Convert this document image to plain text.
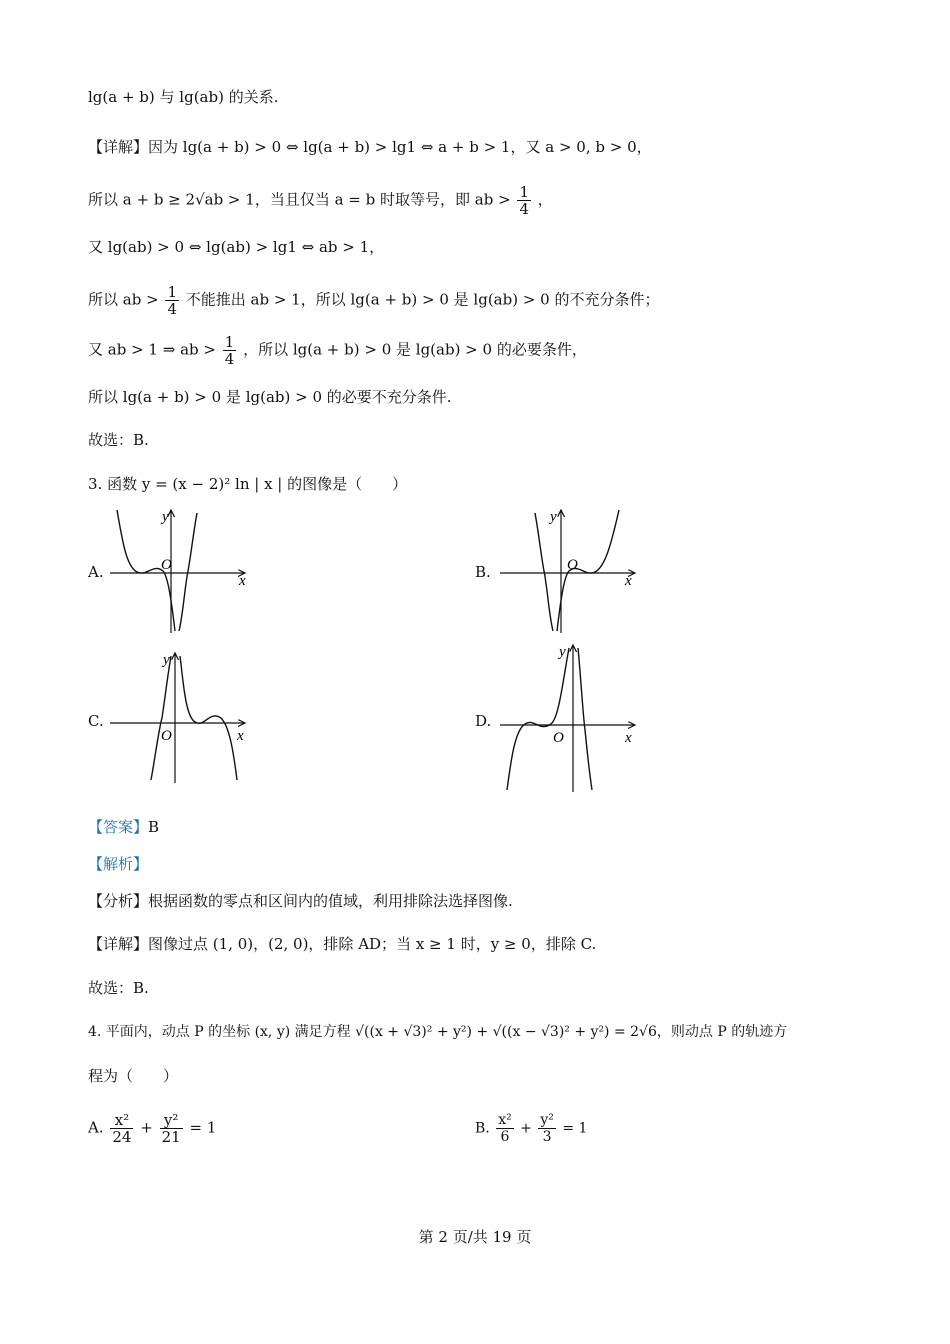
lg(a + b) 与 lg(ab) 的关系.
【详解】因为 lg(a + b) > 0 ⇔ lg(a + b) > lg1 ⇔ a + b > 1，又 a > 0, b > 0，
所以 a + b ≥ 2√ab > 1，当且仅当 a = b 时取等号，即 ab > $\frac{1}{4}$ ，
又 lg(ab) > 0 ⇔ lg(ab) > lg1 ⇔ ab > 1，
所以 ab > $\frac{1}{4}$ 不能推出 ab > 1，所以 lg(a + b) > 0 是 lg(ab) > 0 的不充分条件；
又 ab > 1 ⇒ ab > $\frac{1}{4}$ ，所以 lg(a + b) > 0 是 lg(ab) > 0 的必要条件，
所以 lg(a + b) > 0 是 lg(ab) > 0 的必要不充分条件.
故选：B.
3. 函数 y = (x − 2)² ln | x | 的图像是（　　）
A.	B.
C.	D.
O
x
y
O
x
y
O	x
y
O	x
y
【答案】B
【解析】
【分析】根据函数的零点和区间内的值域，利用排除法选择图像.
【详解】图像过点 (1, 0)，(2, 0)，排除 AD；当 x ≥ 1 时，y ≥ 0，排除 C.
故选：B.
4. 平面内，动点 P 的坐标 (x, y) 满足方程 √((x + √3)² + y²) + √((x − √3)² + y²) = 2√6，则动点 P 的轨迹方
程为（　　）
A. $\frac{\text{x²}}{24} + \frac{\text{y²}}{21} = 1$	B. $\frac{\text{x²}}{6} + \frac{\text{y²}}{3} = 1$
第 2 页/共 19 页
